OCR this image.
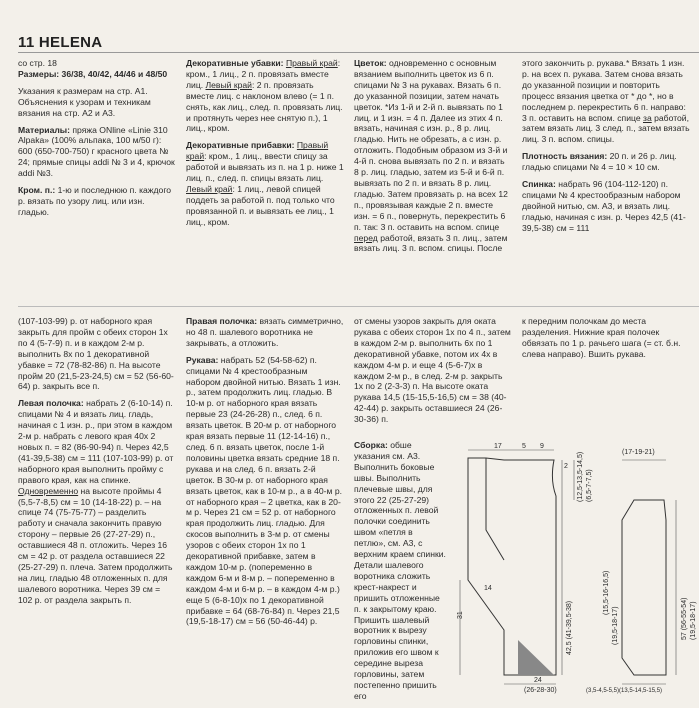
11 HELENA

со стр. 18
Размеры: 36/38, 40/42, 44/46 и 48/50

Указания к размерам на стр. А1. Объяснения к узорам и техникам вязания на стр. А2 и А3.

Материалы: пряжа ONline «Linie 310 Alpaka» (100% альпака, 100 м/50 г): 600 (650-700-750) г красного цвета № 24; прямые спицы addi № 3 и 4, крючок addi №3.

Кром. п.: 1-ю и последнюю п. каждого р. вязать по узору лиц. или изн. гладью.

Декоративные убавки: Правый край: кром., 1 лиц., 2 п. провязать вместе лиц. Левый край: 2 п. провязать вместе лиц. с наклоном влево (= 1 п. снять, как лиц., след. п. провязать лиц. и протянуть через нее снятую п.), 1 лиц., кром.

Декоративные прибавки: Правый край: кром., 1 лиц., ввести спицу за работой и вывязать из п. на 1 р. ниже 1 лиц. п., след. п. спицы вязать лиц. Левый край: 1 лиц., левой спицей поддеть за работой п. под только что провязанной п. и вывязать ее лиц., 1 лиц., кром.

Цветок: одновременно с основным вязанием выполнить цветок из 6 п. спицами № 3 на рукавах. Вязать 6 п. до указанной позиции, затем начать цветок. *Из 1-й и 2-й п. вывязать по 1 лиц. и 1 изн. = 4 п. Далее из этих 4 п. вязать, начиная с изн. р., 8 р. лиц. гладью. Нить не обрезать, а с изн. р. отложить. Подобным образом из 3-й и 4-й п. снова вывязать по 2 п. и вязать 8 р. лиц. гладью, затем из 5-й и 6-й п. вывязать по 2 п. и вязать 8 р. лиц. гладью. Затем провязать р. на всех 12 п., провязывая каждые 2 п. вместе изн. = 6 п., повернуть, перекрестить 6 п. так: 3 п. оставить на вспом. спице перед работой, вязать 3 п. лиц., затем вязать лиц. 3 п. вспом. спицы. После

этого закончить р. рукава.* Вязать 1 изн. р. на всех п. рукава. Затем снова вязать до указанной позиции и повторить процесс вязания цветка от * до *, но в последнем р. перекрестить 6 п. направо: 3 п. оставить на вспом. спице за работой, затем вязать лиц. 3 след. п., затем вязать лиц. 3 п. вспом. спицы.

Плотность вязания: 20 п. и 26 р. лиц. гладью спицами № 4 = 10 × 10 см.

Спинка: набрать 96 (104-112-120) п. спицами № 4 крестообразным набором двойной нитью, см. А3, и вязать лиц. гладью, начиная с изн. р. Через 42,5 (41-39,5-38) см = 111

(107-103-99) р. от наборного края закрыть для пройм с обеих сторон 1x по 4 (5-7-9) п. и в каждом 2-м р. выполнить 8x по 1 декоративной убавке = 72 (78-82-86) п. На высоте пройм 20 (21,5-23-24,5) см = 52 (56-60-64) р. закрыть все п.

Левая полочка: набрать 2 (6-10-14) п. спицами № 4 и вязать лиц. гладь, начиная с 1 изн. р., при этом в каждом 2-м р. набрать с левого края 40x 2 новых п. = 82 (86-90-94) п. Через 42,5 (41-39,5-38) см = 111 (107-103-99) р. от наборного края выполнить пройму с правого края, как на спинке. Одновременно на высоте проймы 4 (5,5-7-8,5) см = 10 (14-18-22) р. – на спице 74 (75-75-77) – разделить работу и сначала закончить правую сторону – первые 26 (27-27-29) п., оставшиеся 48 п. отложить. Через 16 см = 42 р. от раздела оставшиеся 22 (25-27-29) п. плеча. Затем продолжить на лиц. гладью 48 отложенных п. для шалевого воротника. Через 39 см = 102 р. от раздела закрыть п.

Правая полочка: вязать симметрично, но 48 п. шалевого воротника не закрывать, а отложить.

Рукава: набрать 52 (54-58-62) п. спицами № 4 крестообразным набором двойной нитью. Вязать 1 изн. р., затем продолжить лиц. гладью. В 10-м р. от наборного края вязать первые 23 (24-26-28) п., след. 6 п. вязать цветок. В 20-м р. от наборного края вязать первые 11 (12-14-16) п., след. 6 п. вязать цветок, после 1-й половины цветка вязать средние 18 п. рукава и на след. 6 п. вязать 2-й цветок. В 30-м р. от наборного края вязать цветок, как в 10-м р., а в 40-м р. от наборного края – 2 цветка, как в 20-м р. Через 21 см = 52 р. от наборного края продолжить лиц. гладью. Для скосов выполнить в 3-м р. от смены узоров с обеих сторон 1x по 1 декоративной прибавке, затем в каждом 10-м р. (попеременно в каждом 6-м и 8-м р. – попеременно в каждом 4-м и 6-м р. – в каждом 4-м р.) еще 5 (6-8-10)x по 1 декоративной прибавке = 64 (68-76-84) п. Через 21,5 (19,5-18-17) см = 56 (50-46-44) р.

от смены узоров закрыть для оката рукава с обеих сторон 1x по 4 п., затем в каждом 2-м р. выполнить 6x по 1 декоративной убавке, потом их 4x в каждом 4-м р. и еще 4 (5-6-7)x в каждом 2-м р., в след. 2-м р. закрыть 1x по 2 (2-3-3) п. На высоте оката рукава 14,5 (15-15,5-16,5) см = 38 (40-42-44) р. закрыть оставшиеся 24 (26-30-36) п.

Сборка: обше указания см. А3. Выполнить боковые швы. Выполнить плечевые швы, для этого 22 (25-27-29) отложенных п. левой полочки соединить швом «петля в петлю», см. А3, с верхним краем спинки. Детали шалевого воротника сложить крест-накрест и пришить отложенные п. к закрытому краю. Пришить шалевый воротник к вырезу горловины спинки, приложив его швом к середине выреза горловины, затем постепенно пришить его

к передним полочкам до места разделения. Нижние края полочек обвязать по 1 р. рачьего шага (= ст. б.н. слева направо). Вшить рукава.

17	5 9
2
14
31
24
(26-28-30)
42,5 (41-39,5-38)
(12,5-13,5-14,5) (6,5-7-7,5)
(15,5-16-16,5)
(19,5-18-17)
(17-19-21)
57 (56-55-54) (19,5-18-17)
(3,5-4,5-5,5)(13,5-14,5-15,5)
